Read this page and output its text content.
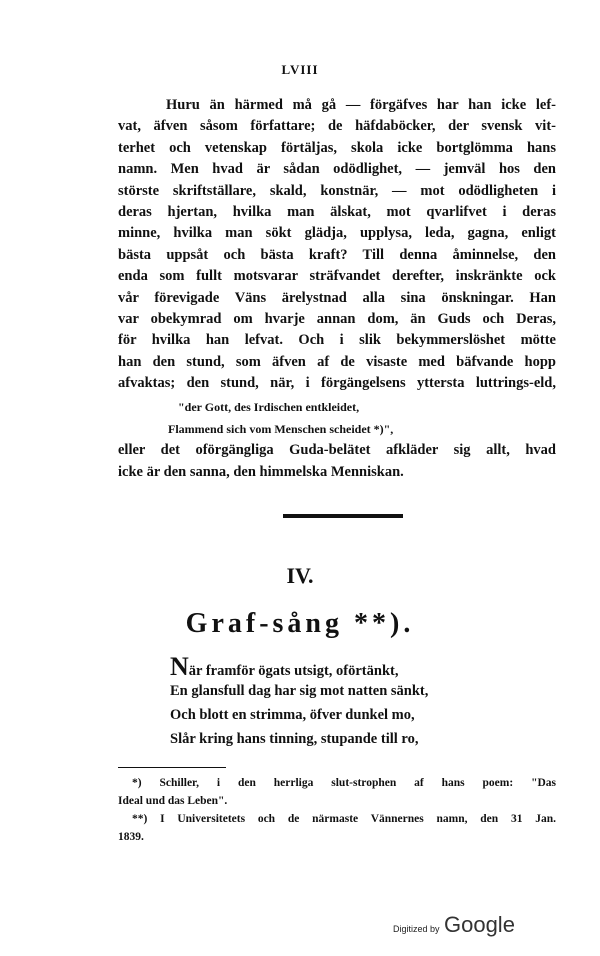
LVIII
Huru än härmed må gå — förgäfves har han icke lef-
vat, äfven såsom författare; de häfdaböcker, der svensk vit-
terhet och vetenskap förtäljas, skola icke bortglömma hans
namn. Men hvad är sådan odödlighet, — jemväl hos den
störste skriftställare, skald, konstnär, — mot odödligheten i
deras hjertan, hvilka man älskat, mot qvarlifvet i deras
minne, hvilka man sökt glädja, upplysa, leda, gagna, enligt
bästa uppsåt och bästa kraft? Till denna åminnelse, den
enda som fullt motsvarar sträfvandet derefter, inskränkte ock
vår förevigade Väns ärelystnad alla sina önskningar. Han
var obekymrad om hvarje annan dom, än Guds och Deras,
för hvilka han lefvat. Och i slik bekymmerslöshet mötte
han den stund, som äfven af de visaste med bäfvande hopp
afvaktas; den stund, när, i förgängelsens yttersta luttrings-eld,
"der Gott, des Irdischen entkleidet,
Flammend sich vom Menschen scheidet *)",
eller det oförgängliga Guda-belätet afkläder sig allt, hvad
icke är den sanna, den himmelska Menniskan.
IV.
Graf-sång **).
När framför ögats utsigt, oförtänkt,
En glansfull dag har sig mot natten sänkt,
Och blott en strimma, öfver dunkel mo,
Slår kring hans tinning, stupande till ro,
*) Schiller, i den herrliga slut-strophen af hans poem: "Das
Ideal und das Leben".
**) I Universitetets och de närmaste Vännernes namn, den 31 Jan.
1839.
Digitized by Google
